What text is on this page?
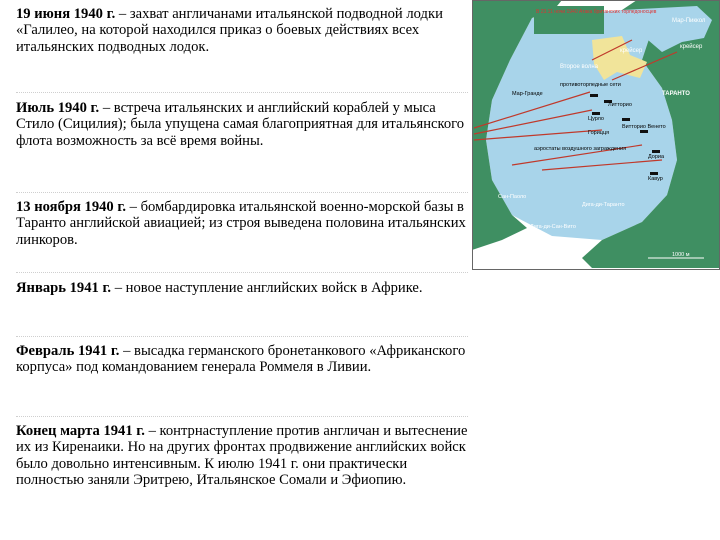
19 июня 1940 г. – захват англичанами итальянской подводной лодки «Галилео, на которой находился приказ о боевых действиях всех итальянских подводных лодок.

Июль 1940 г. – встреча итальянских и английский кораблей у мыса Стило (Сицилия); была упущена самая благоприятная для итальянского флота возможность за всё время войны.

13 ноября 1940 г. – бомбардировка итальянской военно-морской базы в Таранто английской авиацией; из строя выведена половина итальянских линкоров.

Январь 1941 г. – новое наступление английских войск в Африке.

Февраль 1941 г. – высадка германского бронетанкового «Африканского корпуса» под командованием генерала Роммеля в Ливии.

Конец марта 1941 г. – контрнаступление против англичан и вытеснение их из Киренаики. Но на других фронтах продвижение английских войск было довольно интенсивным. К июлю 1941 г. они практически полностью заняли Эритрею, Итальянское Сомали и Эфиопию.

В 23.11 ночи 1940 Атака британских торпедоносцев
Мар-Пиккол
крейсер
крейсер
ТАРАНТО
Второе волна
Мар-Гранде
противоторпедные сети
Литторио
Цурло
Горицця
Витторио Венето
Дориа
Кавур
аэростаты воздушного заграждения
Сан-Паоло
Дига-ди-Таранто
Дига-ди-Сан-Вито
1000 м
